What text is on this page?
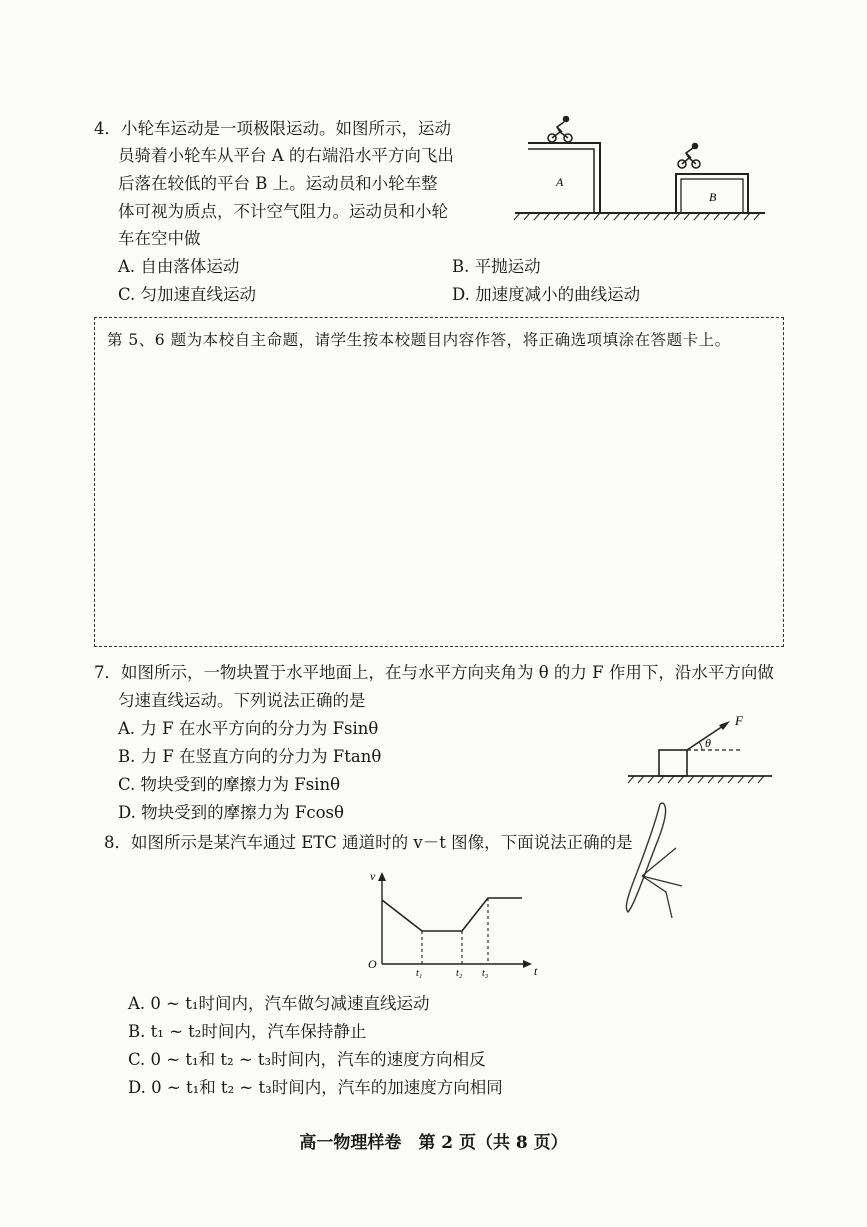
4．小轮车运动是一项极限运动。如图所示，运动
员骑着小轮车从平台 A 的右端沿水平方向飞出
后落在较低的平台 B 上。运动员和小轮车整
体可视为质点，不计空气阻力。运动员和小轮
车在空中做
A. 自由落体运动	B. 平抛运动
C. 匀加速直线运动	D. 加速度减小的曲线运动
A
B
第 5、6 题为本校自主命题，请学生按本校题目内容作答，将正确选项填涂在答题卡上。
7．如图所示，一物块置于水平地面上，在与水平方向夹角为 θ 的力 F 作用下，沿水平方向做
匀速直线运动。下列说法正确的是
A. 力 F 在水平方向的分力为 Fsinθ
B. 力 F 在竖直方向的分力为 Ftanθ
C. 物块受到的摩擦力为 Fsinθ
D. 物块受到的摩擦力为 Fcosθ
θ
F
8．如图所示是某汽车通过 ETC 通道时的 v－t 图像，下面说法正确的是
v
t
O
t₁	t₂ t₃
A. 0 ~ t₁时间内，汽车做匀减速直线运动
B. t₁ ~ t₂时间内，汽车保持静止
C. 0 ~ t₁和 t₂ ~ t₃时间内，汽车的速度方向相反
D. 0 ~ t₁和 t₂ ~ t₃时间内，汽车的加速度方向相同
高一物理样卷　第 2 页（共 8 页）
